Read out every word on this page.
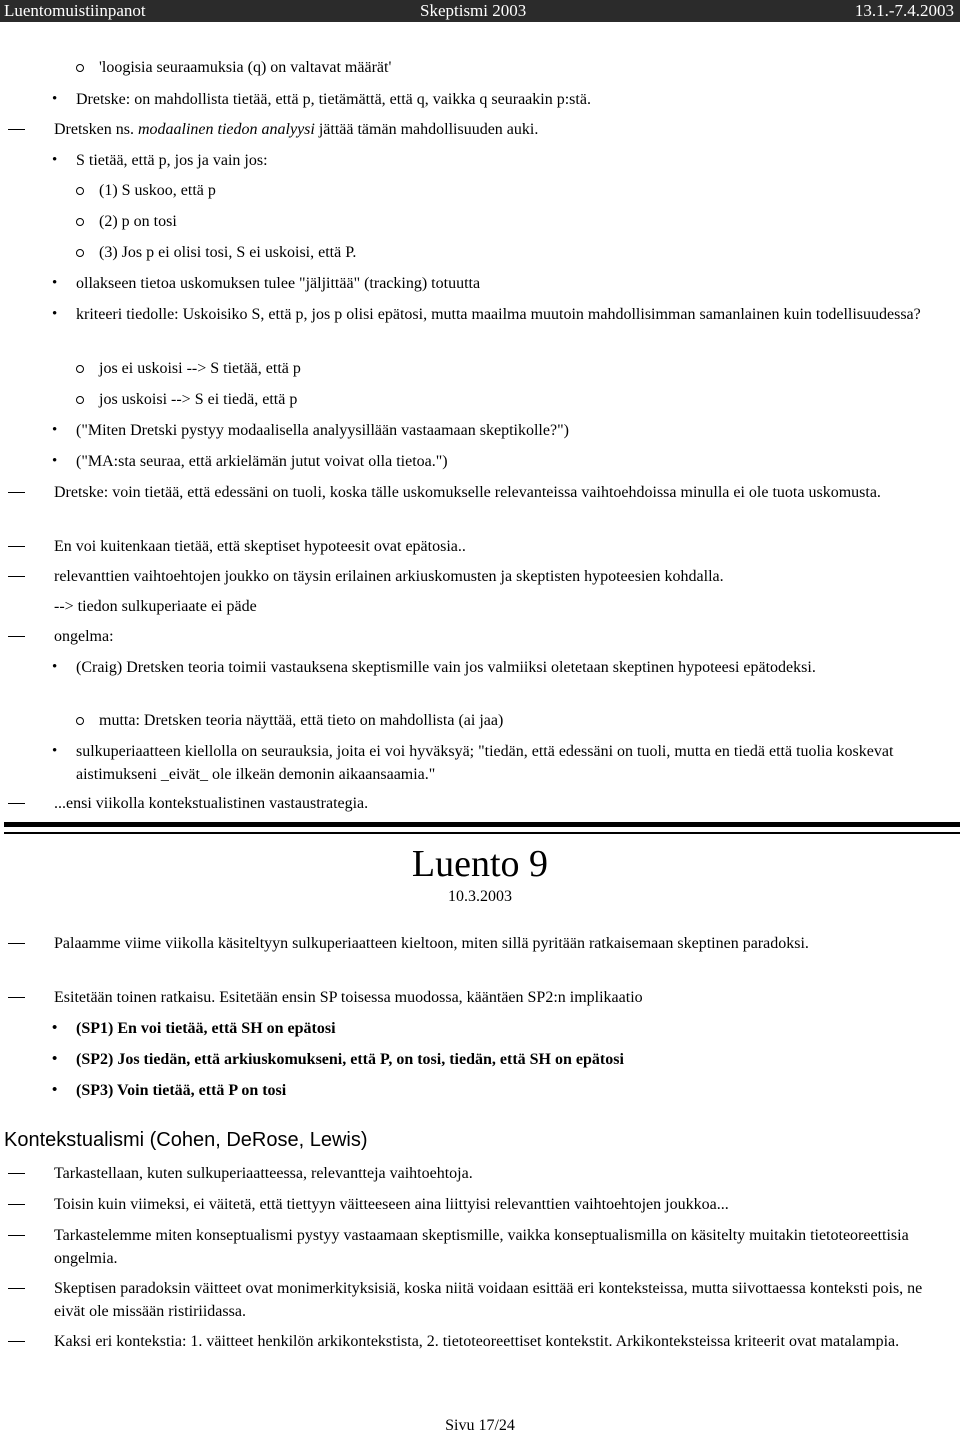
Luentomuistiinpanot	Skeptismi 2003	13.1.-7.4.2003
'loogisia seuraamuksia (q) on valtavat määrät'
• Dretske: on mahdollista tietää, että p, tietämättä, että q, vaikka q seuraakin p:stä.
Dretsken ns. modaalinen tiedon analyysi jättää tämän mahdollisuuden auki.
• S tietää, että p, jos ja vain jos:
(1) S uskoo, että p
(2) p on tosi
(3) Jos p ei olisi tosi, S ei uskoisi, että P.
• ollakseen tietoa uskomuksen tulee "jäljittää" (tracking) totuutta
• kriteeri tiedolle: Uskoisiko S, että p, jos p olisi epätosi, mutta maailma muutoin mahdollisimman samanlainen kuin todellisuudessa?
jos ei uskoisi --> S tietää, että p
jos uskoisi --> S ei tiedä, että p
• ("Miten Dretski pystyy modaalisella analyysillään vastaamaan skeptikolle?")
• ("MA:sta seuraa, että arkielämän jutut voivat olla tietoa.")
Dretske: voin tietää, että edessäni on tuoli, koska tälle uskomukselle relevanteissa vaihtoehdoissa minulla ei ole tuota uskomusta.
En voi kuitenkaan tietää, että skeptiset hypoteesit ovat epätosia..
relevanttien vaihtoehtojen joukko on täysin erilainen arkiuskomusten ja skeptisten hypoteesien kohdalla.
--> tiedon sulkuperiaate ei päde
ongelma:
• (Craig) Dretsken teoria toimii vastauksena skeptismille vain jos valmiiksi oletetaan skeptinen hypoteesi epätodeksi.
mutta: Dretsken teoria näyttää, että tieto on mahdollista (ai jaa)
• sulkuperiaatteen kiellolla on seurauksia, joita ei voi hyväksyä; "tiedän, että edessäni on tuoli, mutta en tiedä että tuolia koskevat aistimukseni _eivät_ ole ilkeän demonin aikaansaamia."
...ensi viikolla kontekstualistinen vastaustrategia.
Luento 9
10.3.2003
Palaamme viime viikolla käsiteltyyn sulkuperiaatteen kieltoon, miten sillä pyritään ratkaisemaan skeptinen paradoksi.
Esitetään toinen ratkaisu. Esitetään ensin SP toisessa muodossa, kääntäen SP2:n implikaatio
• (SP1) En voi tietää, että SH on epätosi
• (SP2) Jos tiedän, että arkiuskomukseni, että P, on tosi, tiedän, että SH on epätosi
• (SP3) Voin tietää, että P on tosi
Kontekstualismi (Cohen, DeRose, Lewis)
Tarkastellaan, kuten sulkuperiaatteessa, relevantteja vaihtoehtoja.
Toisin kuin viimeksi, ei väitetä, että tiettyyn väitteeseen aina liittyisi relevanttien vaihtoehtojen joukkoa...
Tarkastelemme miten konseptualismi pystyy vastaamaan skeptismille, vaikka konseptualismilla on käsitelty muitakin tietoteoreettisia ongelmia.
Skeptisen paradoksin väitteet ovat monimerkityksisiä, koska niitä voidaan esittää eri konteksteissa, mutta siivottaessa konteksti pois, ne eivät ole missään ristiriidassa.
Kaksi eri kontekstia: 1. väitteet henkilön arkikontekstista, 2. tietoteoreettiset kontekstit. Arkikonteksteissa kriteerit ovat matalampia.
Sivu 17/24
